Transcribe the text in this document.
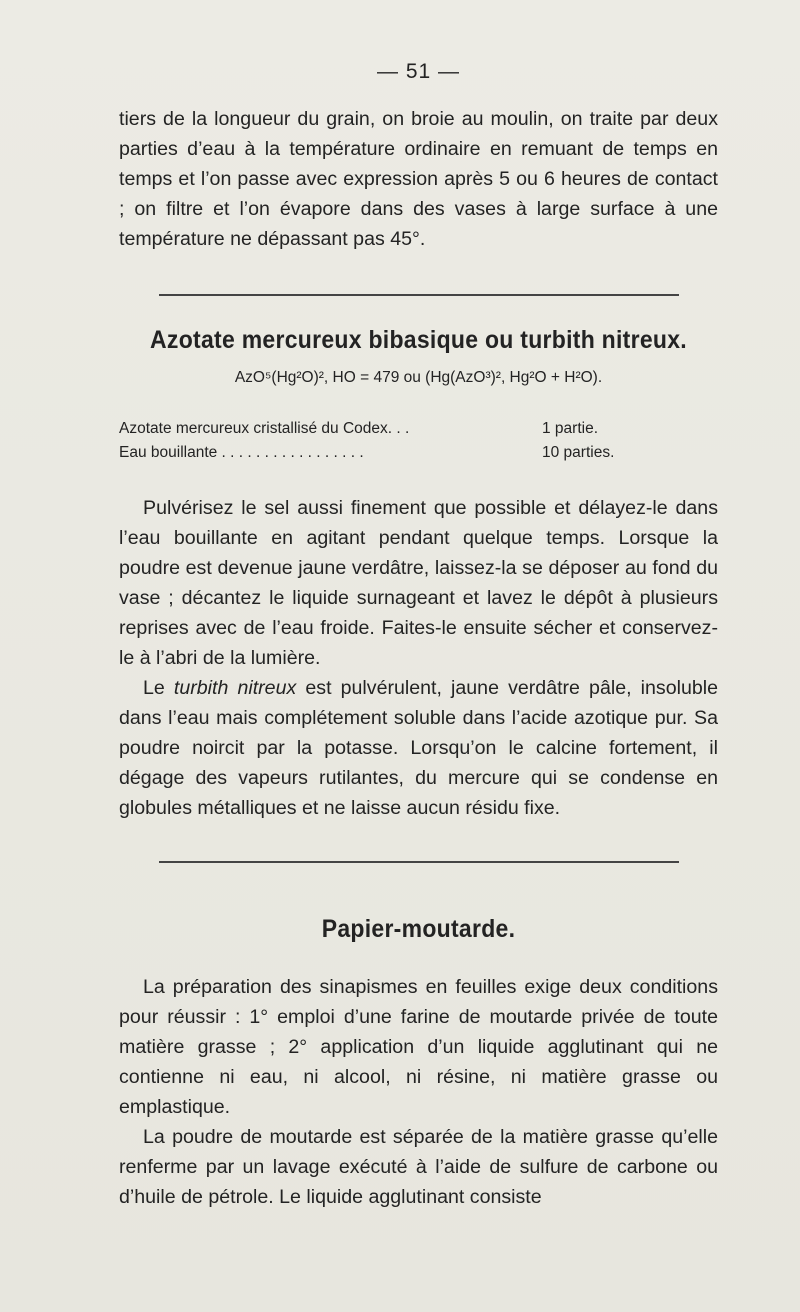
— 51 —

tiers de la longueur du grain, on broie au moulin, on traite par deux parties d’eau à la température ordinaire en remuant de temps en temps et l’on passe avec expression après 5 ou 6 heures de contact ; on filtre et l’on évapore dans des vases à large surface à une température ne dépassant pas 45°.

Azotate mercureux bibasique ou turbith nitreux.

AzO⁵(Hg²O)², HO = 479 ou (Hg(AzO³)², Hg²O + H²O).

Azotate mercureux cristallisé du Codex. . .	1 partie.
Eau bouillante . . . . . . . . . . . . . . . . .	10 parties.

Pulvérisez le sel aussi finement que possible et délayez-le dans l’eau bouillante en agitant pendant quelque temps. Lorsque la poudre est devenue jaune verdâtre, laissez-la se déposer au fond du vase ; décantez le liquide surnageant et lavez le dépôt à plusieurs reprises avec de l’eau froide. Faites-le ensuite sécher et conservez-le à l’abri de la lumière.

Le turbith nitreux est pulvérulent, jaune verdâtre pâle, insoluble dans l’eau mais complétement soluble dans l’acide azotique pur. Sa poudre noircit par la potasse. Lorsqu’on le calcine fortement, il dégage des vapeurs rutilantes, du mercure qui se condense en globules métalliques et ne laisse aucun résidu fixe.

Papier-moutarde.

La préparation des sinapismes en feuilles exige deux conditions pour réussir : 1° emploi d’une farine de moutarde privée de toute matière grasse ; 2° application d’un liquide agglutinant qui ne contienne ni eau, ni alcool, ni résine, ni matière grasse ou emplastique.

La poudre de moutarde est séparée de la matière grasse qu’elle renferme par un lavage exécuté à l’aide de sulfure de carbone ou d’huile de pétrole. Le liquide agglutinant consiste
